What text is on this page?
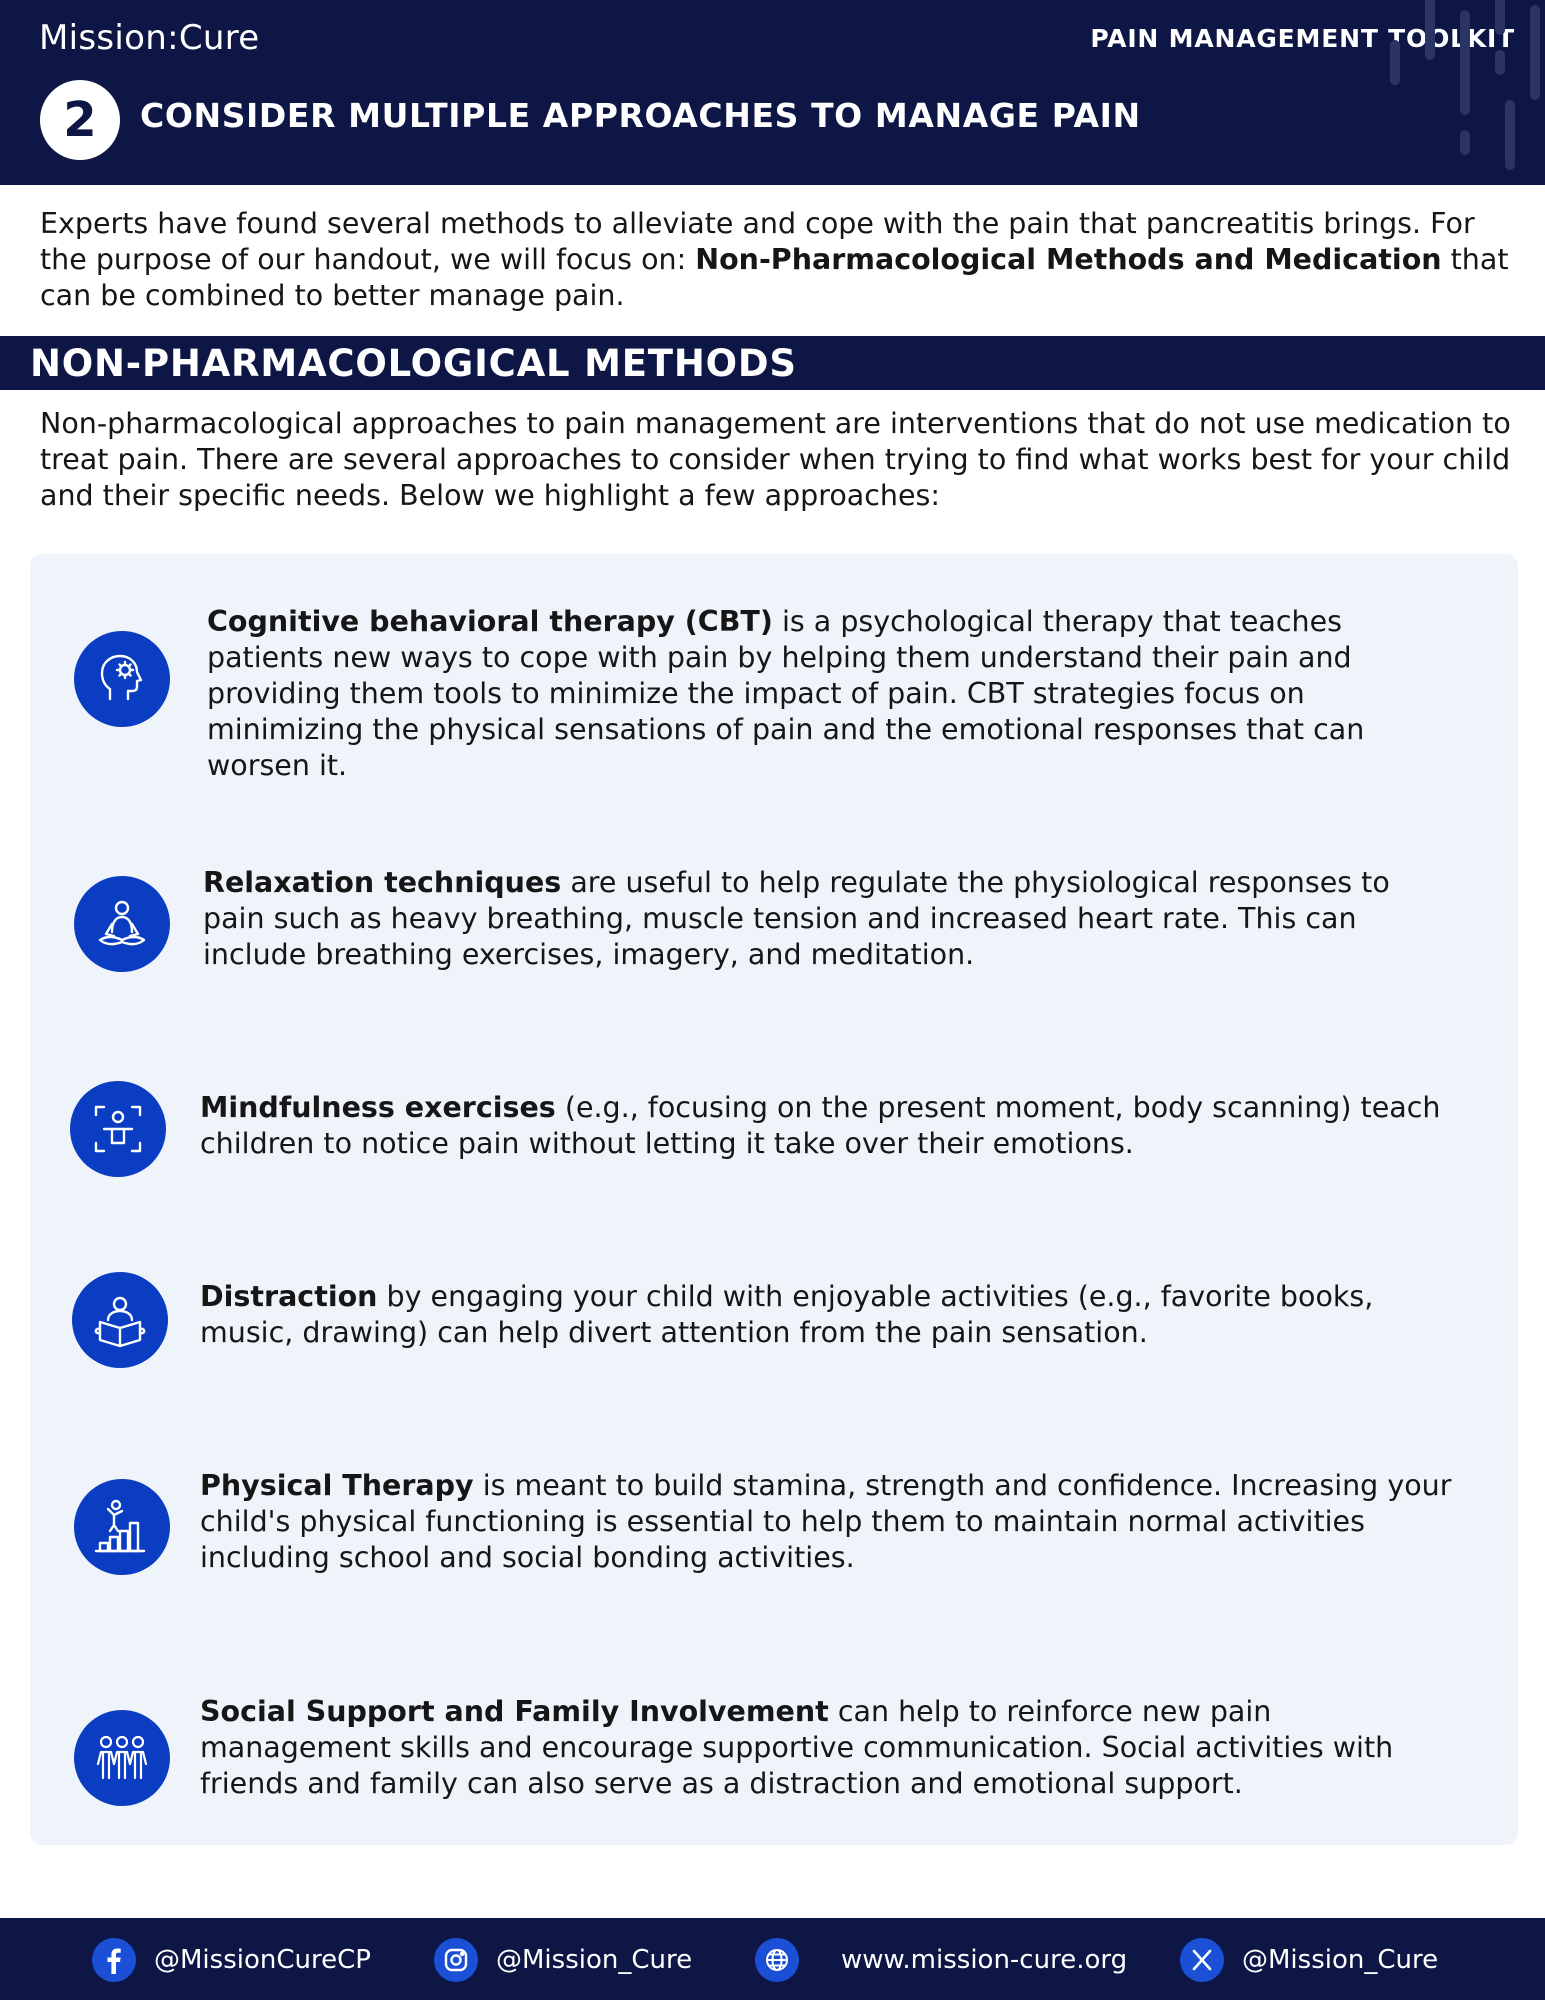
Mission:Cure	PAIN MANAGEMENT TOOLKIT
2	CONSIDER MULTIPLE APPROACHES TO MANAGE PAIN

Experts have found several methods to alleviate and cope with the pain that pancreatitis brings. For the purpose of our handout, we will focus on: Non-Pharmacological Methods and Medication that can be combined to better manage pain.

NON-PHARMACOLOGICAL METHODS

Non-pharmacological approaches to pain management are interventions that do not use medication to treat pain. There are several approaches to consider when trying to find what works best for your child and their specific needs. Below we highlight a few approaches:

Cognitive behavioral therapy (CBT) is a psychological therapy that teaches patients new ways to cope with pain by helping them understand their pain and providing them tools to minimize the impact of pain. CBT strategies focus on minimizing the physical sensations of pain and the emotional responses that can worsen it.

Relaxation techniques are useful to help regulate the physiological responses to pain such as heavy breathing, muscle tension and increased heart rate. This can include breathing exercises, imagery, and meditation.

Mindfulness exercises (e.g., focusing on the present moment, body scanning) teach children to notice pain without letting it take over their emotions.

Distraction by engaging your child with enjoyable activities (e.g., favorite books, music, drawing) can help divert attention from the pain sensation.

Physical Therapy is meant to build stamina, strength and confidence. Increasing your child's physical functioning is essential to help them to maintain normal activities including school and social bonding activities.

Social Support and Family Involvement can help to reinforce new pain management skills and encourage supportive communication. Social activities with friends and family can also serve as a distraction and emotional support.

@MissionCureCP	@Mission_Cure	www.mission-cure.org	@Mission_Cure
